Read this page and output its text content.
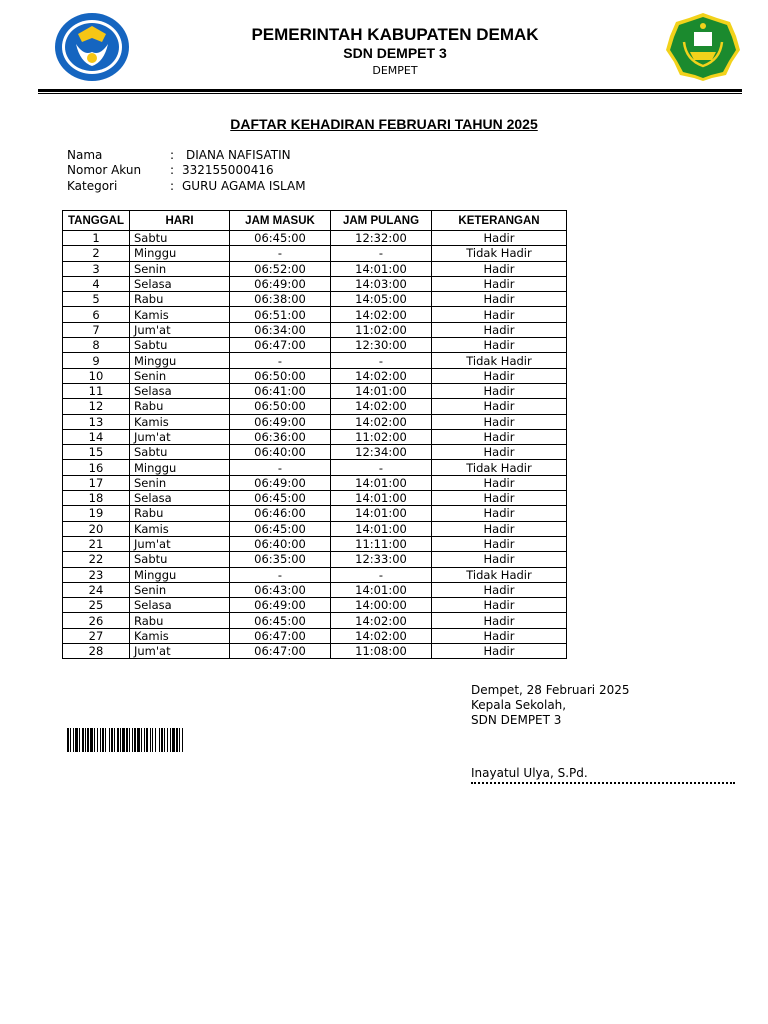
PEMERINTAH KABUPATEN DEMAK
SDN DEMPET 3
DEMPET
DAFTAR KEHADIRAN FEBRUARI TAHUN 2025
Nama	: DIANA NAFISATIN
Nomor Akun : 332155000416
Kategori	: GURU AGAMA ISLAM
TANGGAL	HARI	JAM MASUK	JAM PULANG	KETERANGAN
1	Sabtu	06:45:00	12:32:00	Hadir
2	Minggu	-	-	Tidak Hadir
3	Senin	06:52:00	14:01:00	Hadir
4	Selasa	06:49:00	14:03:00	Hadir
5	Rabu	06:38:00	14:05:00	Hadir
6	Kamis	06:51:00	14:02:00	Hadir
7	Jum'at	06:34:00	11:02:00	Hadir
8	Sabtu	06:47:00	12:30:00	Hadir
9	Minggu	-	-	Tidak Hadir
10	Senin	06:50:00	14:02:00	Hadir
11	Selasa	06:41:00	14:01:00	Hadir
12	Rabu	06:50:00	14:02:00	Hadir
13	Kamis	06:49:00	14:02:00	Hadir
14	Jum'at	06:36:00	11:02:00	Hadir
15	Sabtu	06:40:00	12:34:00	Hadir
16	Minggu	-	-	Tidak Hadir
17	Senin	06:49:00	14:01:00	Hadir
18	Selasa	06:45:00	14:01:00	Hadir
19	Rabu	06:46:00	14:01:00	Hadir
20	Kamis	06:45:00	14:01:00	Hadir
21	Jum'at	06:40:00	11:11:00	Hadir
22	Sabtu	06:35:00	12:33:00	Hadir
23	Minggu	-	-	Tidak Hadir
24	Senin	06:43:00	14:01:00	Hadir
25	Selasa	06:49:00	14:00:00	Hadir
26	Rabu	06:45:00	14:02:00	Hadir
27	Kamis	06:47:00	14:02:00	Hadir
28	Jum'at	06:47:00	11:08:00	Hadir
Dempet, 28 Februari 2025
Kepala Sekolah,
SDN DEMPET 3
Inayatul Ulya, S.Pd.
